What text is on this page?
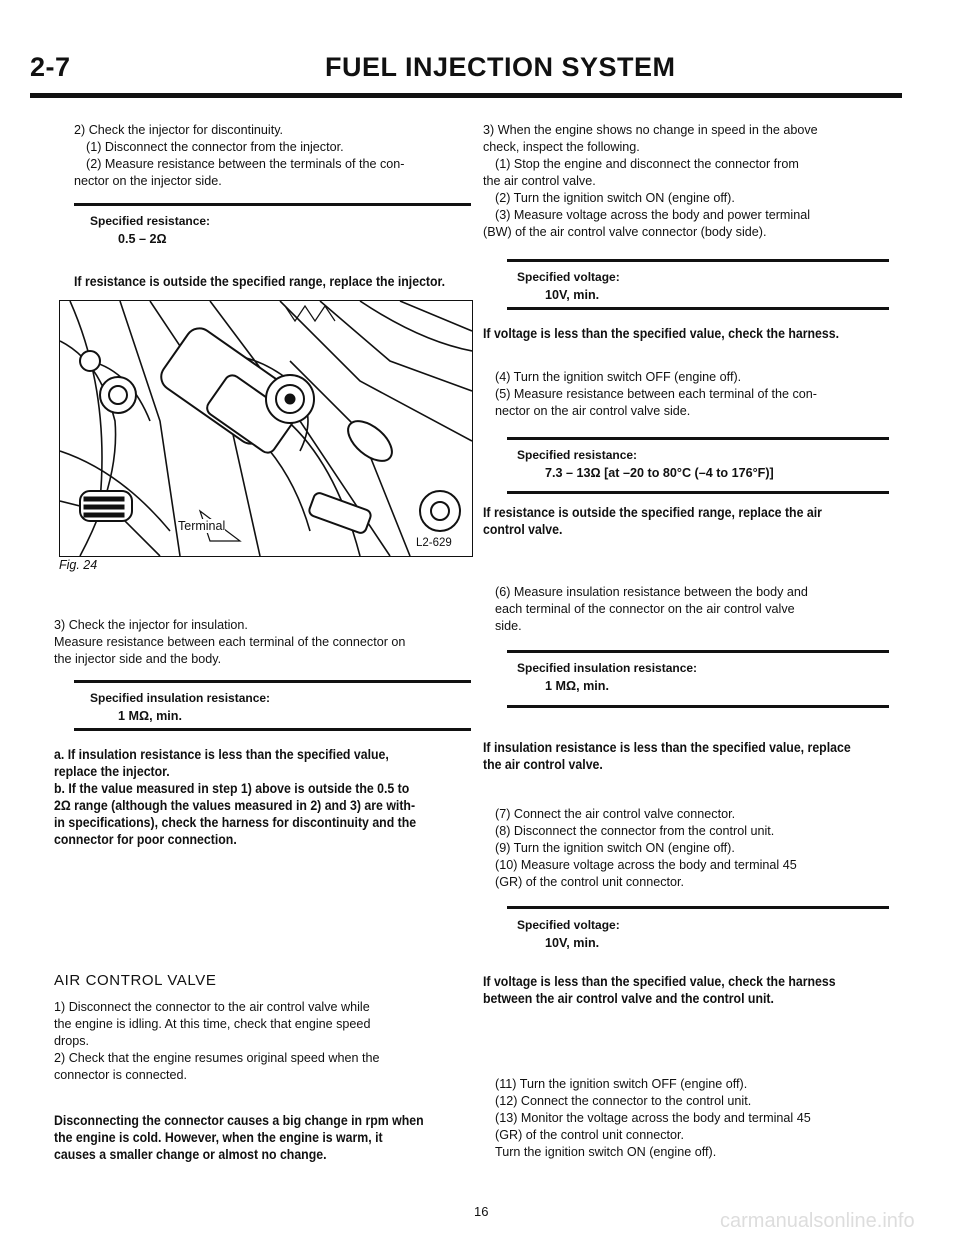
2-7	FUEL INJECTION SYSTEM

2) Check the injector for discontinuity.

(1) Disconnect the connector from the injector.

(2) Measure resistance between the terminals of the con-

nector on the injector side.

Specified resistance:
0.5 – 2Ω

If resistance is outside the specified range, replace the injector.

Terminal
L2-629
Fig. 24

3) Check the injector for insulation.

Measure resistance between each terminal of the connector on

the injector side and the body.

Specified insulation resistance:
1 MΩ, min.

a. If insulation resistance is less than the specified value,

replace the injector.

b. If the value measured in step 1) above is outside the 0.5 to

2Ω range (although the values measured in 2) and 3) are with-

in specifications), check the harness for discontinuity and the

connector for poor connection.

AIR CONTROL VALVE

1) Disconnect the connector to the air control valve while

the engine is idling. At this time, check that engine speed

drops.

2) Check that the engine resumes original speed when the

connector is connected.

Disconnecting the connector causes a big change in rpm when

the engine is cold. However, when the engine is warm, it

causes a smaller change or almost no change.

3) When the engine shows no change in speed in the above

check, inspect the following.

(1) Stop the engine and disconnect the connector from

the air control valve.

(2) Turn the ignition switch ON (engine off).

(3) Measure voltage across the body and power terminal

(BW) of the air control valve connector (body side).

Specified voltage:
10V, min.

If voltage is less than the specified value, check the harness.

(4) Turn the ignition switch OFF (engine off).

(5) Measure resistance between each terminal of the con-

nector on the air control valve side.

Specified resistance:
7.3 – 13Ω [at –20 to 80°C (–4 to 176°F)]

If resistance is outside the specified range, replace the air

control valve.

(6) Measure insulation resistance between the body and

each terminal of the connector on the air control valve

side.

Specified insulation resistance:
1 MΩ, min.

If insulation resistance is less than the specified value, replace

the air control valve.

(7) Connect the air control valve connector.

(8) Disconnect the connector from the control unit.

(9) Turn the ignition switch ON (engine off).

(10) Measure voltage across the body and terminal 45

(GR) of the control unit connector.

Specified voltage:
10V, min.

If voltage is less than the specified value, check the harness

between the air control valve and the control unit.

(11) Turn the ignition switch OFF (engine off).

(12) Connect the connector to the control unit.

(13) Monitor the voltage across the body and terminal 45

(GR) of the control unit connector.

Turn the ignition switch ON (engine off).

16	carmanualsonline.info
